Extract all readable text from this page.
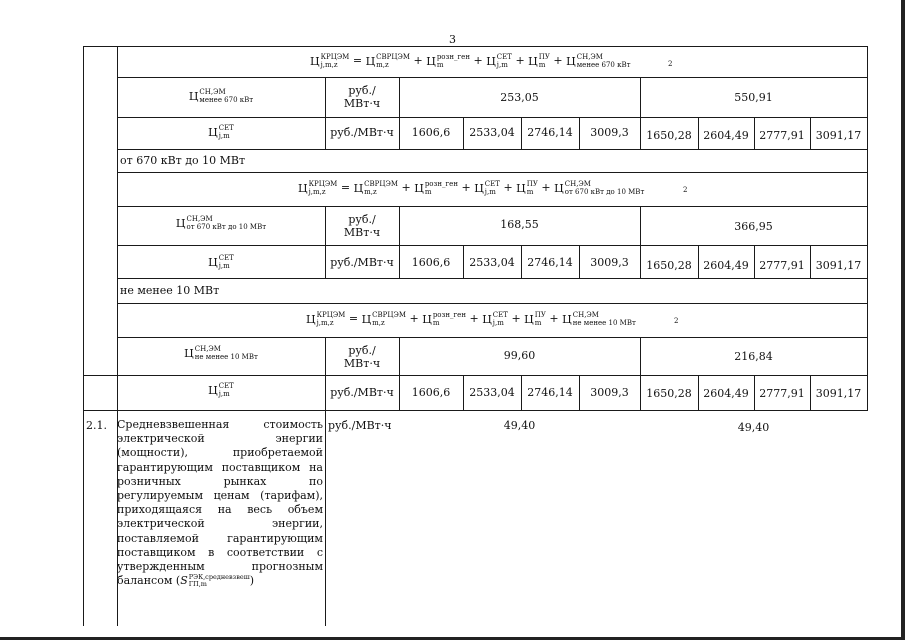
3
ЦКРЦЭМ
j,m,z = ЦСВРЦЭМ
m,z + Црозн_ген
m	+ ЦСЕТ
j,m + ЦПУ
m + ЦСН,ЭМ
менее 670 кВт	2
ЦСН,ЭМ
менее 670 кВт
руб./
МВт·ч	253,05	550,91
ЦСЕТ
j,m	руб./МВт·ч	1606,6	2533,04	2746,14	3009,3	1650,28	2604,49 2777,91	3091,17
от 670 кВт до 10 МВт
ЦКРЦЭМ
j,m,z = ЦСВРЦЭМ
m,z + Црозн_ген
m	+ ЦСЕТ
j,m + ЦПУ
m + ЦСН,ЭМ
от 670 кВт до 10 МВт	2
ЦСН,ЭМ
от 670 кВт до 10 МВт
руб./
МВт·ч
168,55	366,95
ЦСЕТ
j,m	руб./МВт·ч	1606,6	2533,04	2746,14	3009,3	1650,28	2604,49 2777,91	3091,17
не менее 10 МВт
ЦКРЦЭМ
j,m,z = ЦСВРЦЭМ
m,z + Црозн_ген
m	+ ЦСЕТ
j,m + ЦПУ
m + ЦСН,ЭМ
не менее 10 МВт	2
ЦСН,ЭМ
не менее 10 МВт	руб./
МВт·ч
99,60	216,84
ЦСЕТ
j,m	руб./МВт·ч	1606,6	2533,04	2746,14	3009,3	1650,28	2604,49 2777,91	3091,17
2.1. Средневзвешенная стоимость электрической энергии (мощности), приобретаемой гарантирующим поставщиком на розничных рынках по регулируемым ценам (тарифам), приходящаяся на весь объем электрической энергии, поставляемой гарантирующим поставщиком в соответствии с утвержденным прогнозным балансом (SРЭК,средневзвеш
ГП,m	)
руб./МВт·ч	49,40	49,40
